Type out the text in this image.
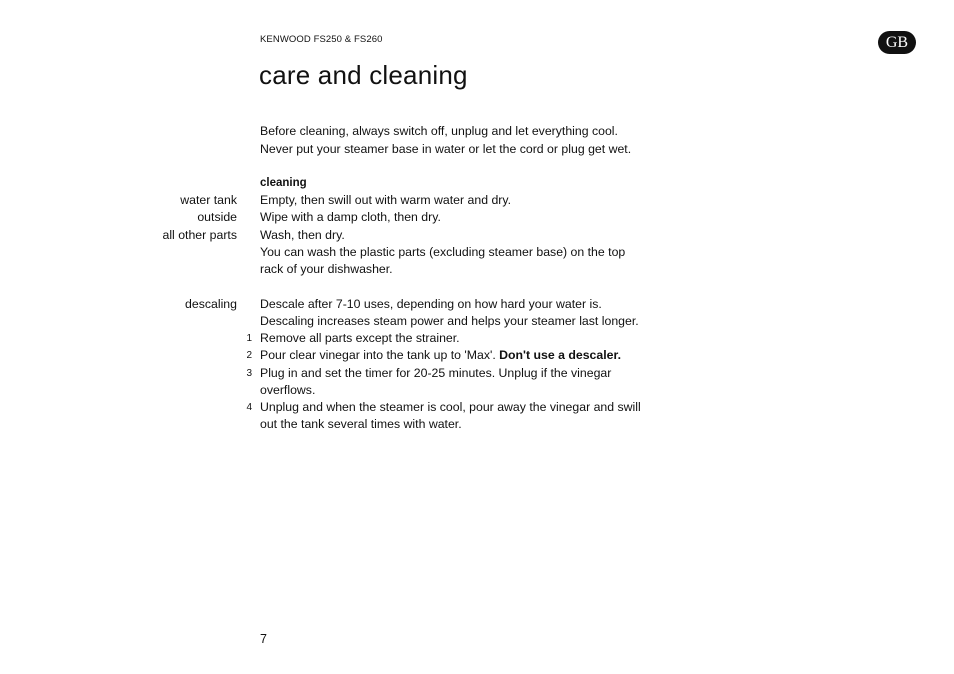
KENWOOD FS250 & FS260	GB
care and cleaning
Before cleaning, always switch off, unplug and let everything cool.
Never put your steamer base in water or let the cord or plug get wet.
cleaning
water tank Empty, then swill out with warm water and dry.
outside Wipe with a damp cloth, then dry.
all other parts Wash, then dry.
You can wash the plastic parts (excluding steamer base) on the top
rack of your dishwasher.
descaling Descale after 7-10 uses, depending on how hard your water is.
Descaling increases steam power and helps your steamer last longer.
1 Remove all parts except the strainer.
2 Pour clear vinegar into the tank up to 'Max'. Don't use a descaler.
3 Plug in and set the timer for 20-25 minutes. Unplug if the vinegar
overflows.
4 Unplug and when the steamer is cool, pour away the vinegar and swill
out the tank several times with water.
7
